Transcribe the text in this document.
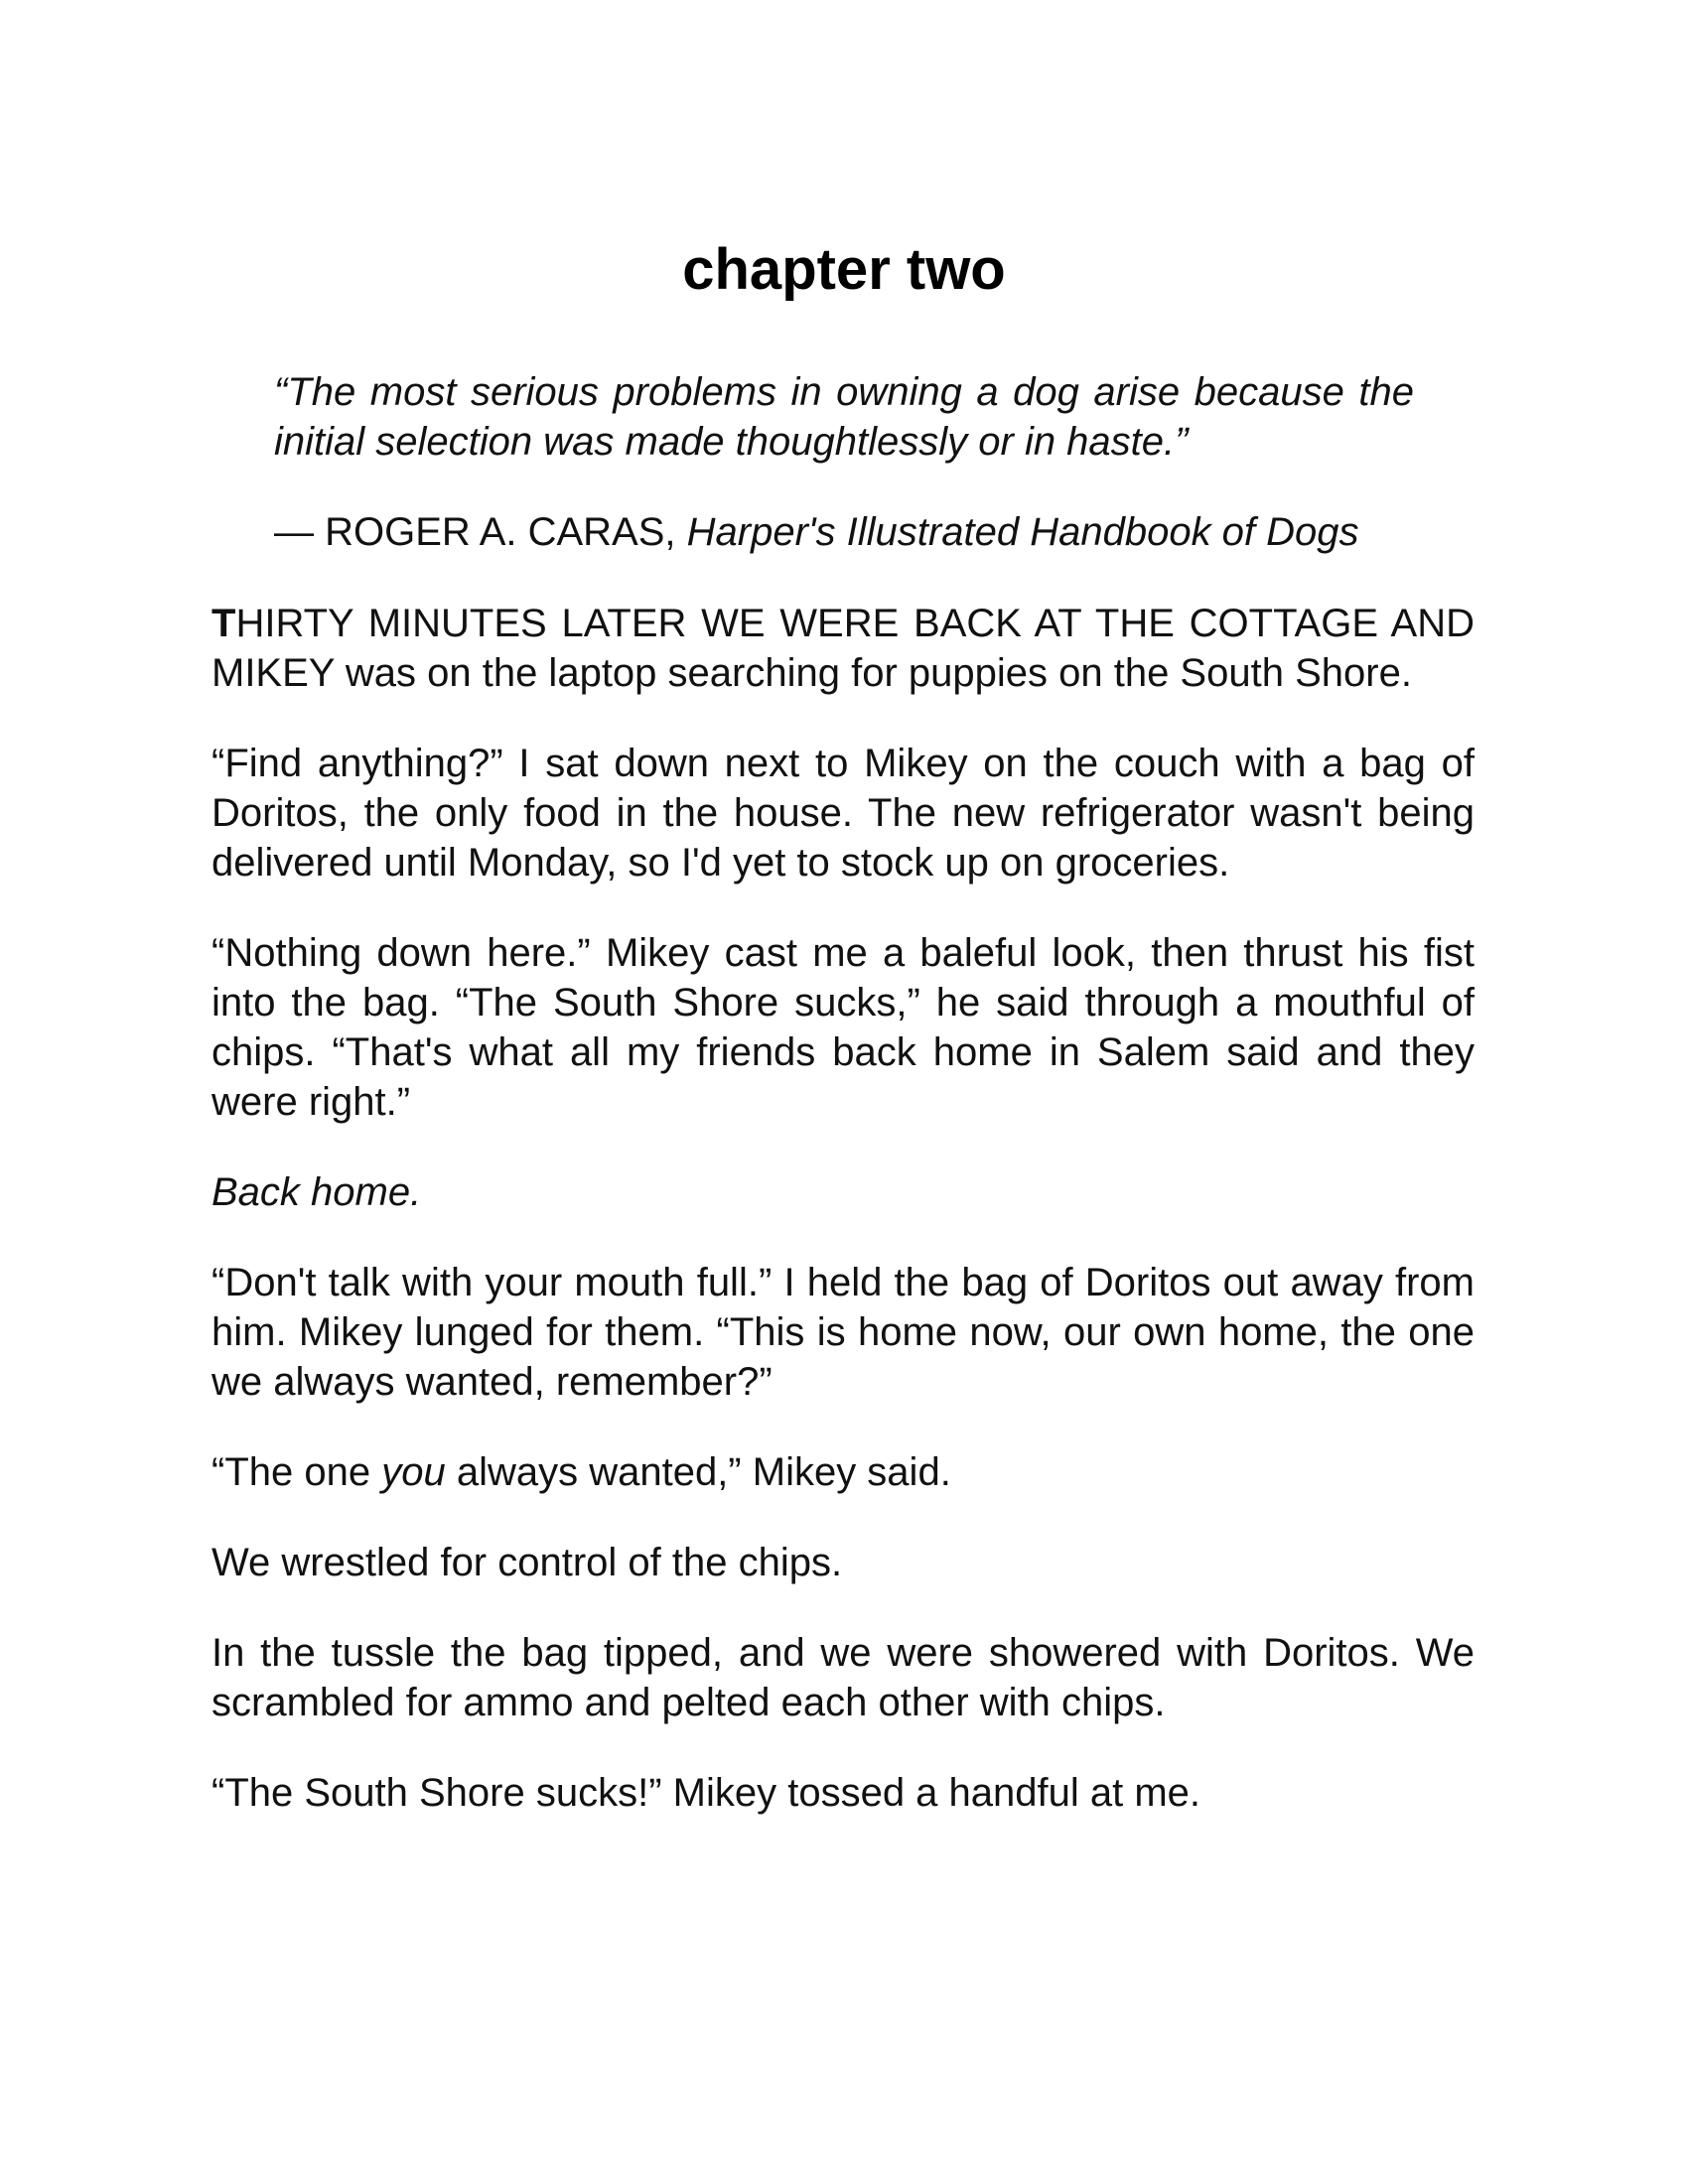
chapter two

“The most serious problems in owning a dog arise because the initial selection was made thoughtlessly or in haste.”

— ROGER A. CARAS, Harper's Illustrated Handbook of Dogs

THIRTY MINUTES LATER WE WERE BACK AT THE COTTAGE AND MIKEY was on the laptop searching for puppies on the South Shore.

“Find anything?” I sat down next to Mikey on the couch with a bag of Doritos, the only food in the house. The new refrigerator wasn't being delivered until Monday, so I'd yet to stock up on groceries.

“Nothing down here.” Mikey cast me a baleful look, then thrust his fist into the bag. “The South Shore sucks,” he said through a mouthful of chips. “That's what all my friends back home in Salem said and they were right.”

Back home.

“Don't talk with your mouth full.” I held the bag of Doritos out away from him. Mikey lunged for them. “This is home now, our own home, the one we always wanted, remember?”

“The one you always wanted,” Mikey said.

We wrestled for control of the chips.

In the tussle the bag tipped, and we were showered with Doritos. We scrambled for ammo and pelted each other with chips.

“The South Shore sucks!” Mikey tossed a handful at me.
